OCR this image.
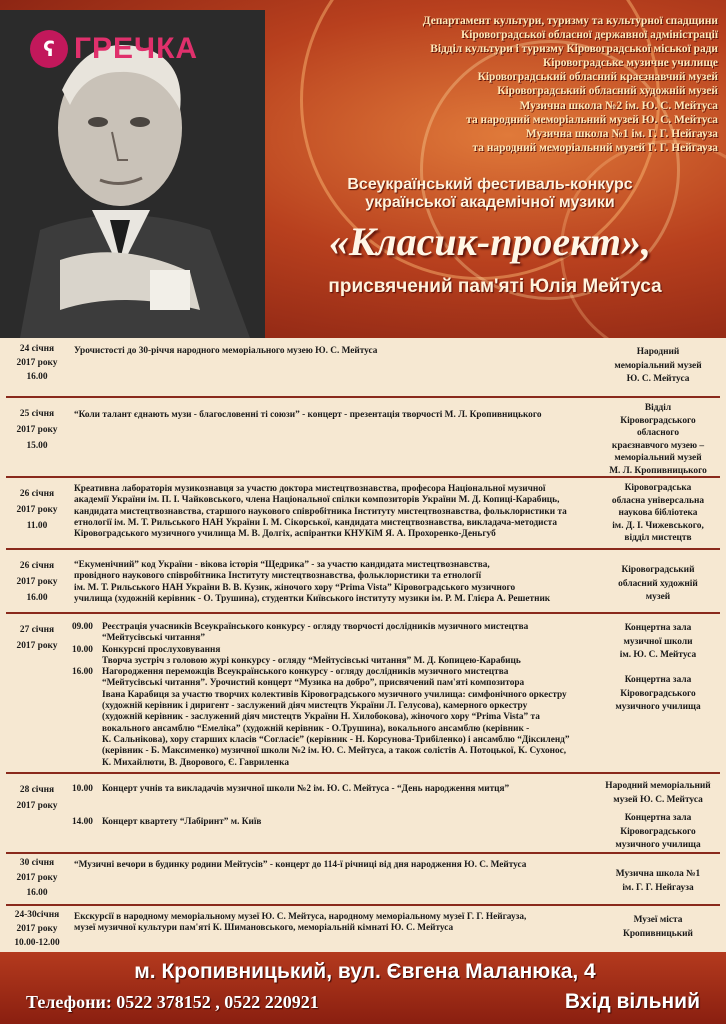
ʕ ГРЕЧКА
Департамент культури, туризму та культурної спадщини
Кіровоградської обласної державної адміністрації
Відділ культури і туризму Кіровоградської міської ради
Кіровоградське музичне училище
Кіровоградський обласний краєзнавчий музей
Кіровоградський обласний художній музей
Музична школа №2 ім. Ю. С. Мейтуса
та народний меморіальний музей Ю. С. Мейтуса
Музична школа №1 ім. Г. Г. Нейгауза
та народний меморіальний музей Г. Г. Нейгауза
Всеукраїнський фестиваль-конкурс
української академічної музики
«Класик-проект»,
присвячений пам'яті Юлія Мейтуса
24 січня
2017 року
16.00
Урочистості до 30-річчя народного меморіального музею Ю. С. Мейтуса	Народний
меморіальний музей
Ю. С. Мейтуса
25 січня
2017 року
15.00
“Коли талант єднають музи - благословенні ті союзи” - концерт - презентація творчості М. Л. Кропивницького
Відділ
Кіровоградського
обласного
краєзнавчого музею –
меморіальний музей
М. Л. Кропивницького
26 січня
2017 року
11.00
Креативна лабораторія музикознавця за участю доктора мистецтвознавства, професора Національної музичної
академії України ім. П. І. Чайковського, члена Національної спілки композиторів України М. Д. Копиці-Карабиць,
кандидата мистецтвознавства, старшого наукового співробітника Інституту мистецтвознавства, фольклористики та
етнології ім. М. Т. Рильського НАН України І. М. Сікорської, кандидата мистецтвознавства, викладача-методиста
Кіровоградського музичного училища М. В. Долгіх, аспірантки КНУКіМ Я. А. Прохоренко-Деньгуб
Кіровоградська
обласна універсальна
наукова бібліотека
ім. Д. І. Чижевського,
відділ мистецтв
26 січня
2017 року
16.00
“Екуменічний” код України - вікова історія “Щедрика” - за участю кандидата мистецтвознавства,
провідного наукового співробітника Інституту мистецтвознавства, фольклористики та етнології
ім. М. Т. Рильського НАН України В. В. Кузик, жіночого хору “Prima Vista” Кіровоградського музичного
училища (художній керівник - О. Трушина), студентки Київського інституту музики ім. Р. М. Глієра А. Решетник
Кіровоградський
обласний художній
музей
27 січня
2017 року
09.00 Реєстрація учасників Всеукраїнського конкурсу - огляду творчості дослідників музичного мистецтва
“Мейтусівські читання”
10.00 Конкурсні прослуховування
Творча зустріч з головою журі конкурсу - огляду “Мейтусівські читання” М. Д. Копицею-Карабиць
16.00 Нагородження переможців Всеукраїнського конкурсу - огляду дослідників музичного мистецтва
“Мейтусівські читання”. Урочистий концерт “Музика на добро”, присвячений пам'яті композитора
Івана Карабиця за участю творчих колективів Кіровоградського музичного училища: симфонічного оркестру
(художній керівник і диригент - заслужений діяч мистецтв України Л. Гелусова), камерного оркестру
(художній керівник - заслужений діяч мистецтв України Н. Хилобокова), жіночого хору “Prima Vista” та
вокального ансамблю “Емеліка” (художній керівник - О.Трушина), вокального ансамблю (керівник -
К. Сальнікова), хору старших класів “Согласіє” (керівник - Н. Корсунова-Трибіленко) і ансамблю “Діксиленд”
(керівник - Б. Максименко) музичної школи №2 ім. Ю. С. Мейтуса, а також солістів А. Потоцької, К. Сухонос,
К. Михайлюти, В. Дворового, Є. Гавриленка
Концертна зала
музичної школи
ім. Ю. С. Мейтуса
Концертна зала
Кіровоградського
музичного училища
28 січня
2017 року
10.00 Концерт учнів та викладачів музичної школи №2 ім. Ю. С. Мейтуса - “День народження митця”
14.00 Концерт квартету “Лабіринт” м. Київ
Народний меморіальний
музей Ю. С. Мейтуса
Концертна зала
Кіровоградського
музичного училища
30 січня
2017 року
16.00
“Музичні вечори в будинку родини Мейтусів” - концерт до 114-ї річниці від дня народження Ю. С. Мейтуса
Музична школа №1
ім. Г. Г. Нейгауза
24-30січня
2017 року
10.00-12.00
Екскурсії в народному меморіальному музеї Ю. С. Мейтуса, народному меморіальному музеї Г. Г. Нейгауза,
музеї музичної культури пам'яті К. Шимановського, меморіальній кімнаті Ю. С. Мейтуса
Музеї міста
Кропивницький
м. Кропивницький, вул. Євгена Маланюка, 4
Телефони: 0522 378152 , 0522 220921	Вхід вільний
